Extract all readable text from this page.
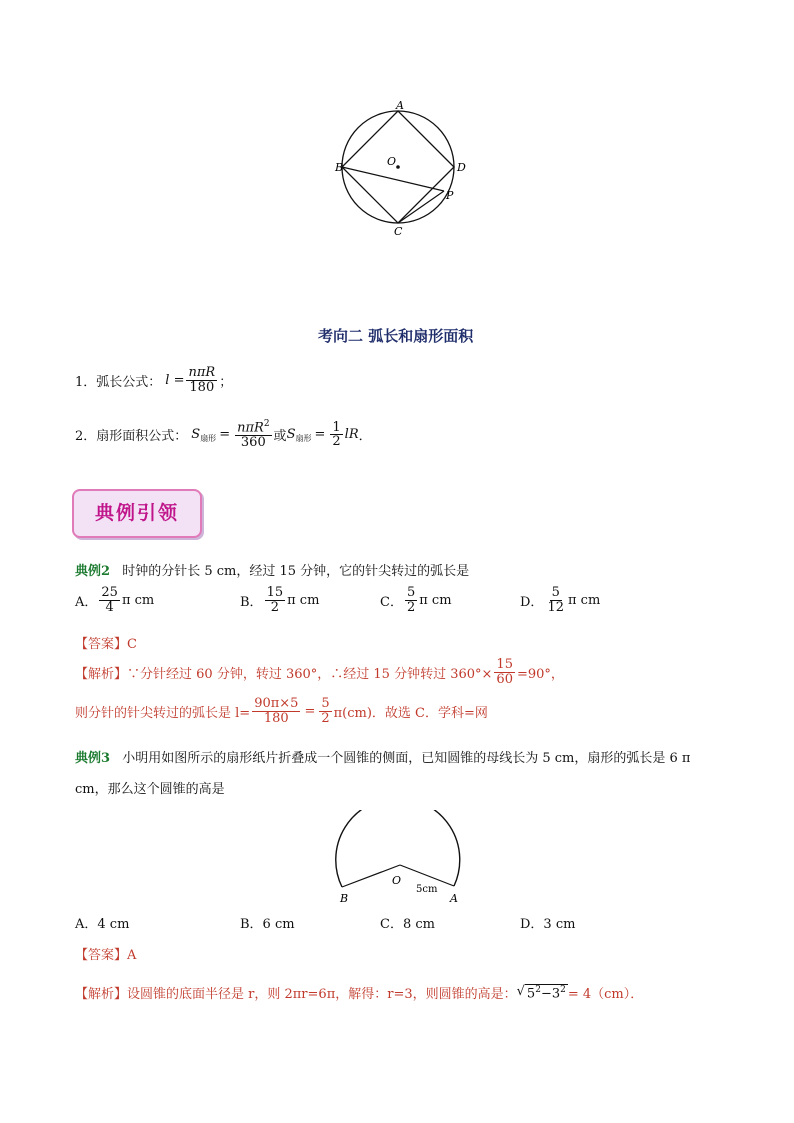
A
B
C
D
O
P
考向二 弧长和扇形面积
1．弧长公式： $l = \frac{\text{nπR}}{180}$ ；
2．扇形面积公式： S 扇形 = $\frac{n\pi R^2}{360}$ 或 S 扇形 = $\frac{1}{2}$ lR ．
典例引领
典例2 时钟的分针长 5 cm，经过 15 分钟，它的针尖转过的弧长是
A． $\frac{25}{4}$ π cm	B． $\frac{15}{2}$ π cm	C． $\frac{5}{2}$ π cm	D． $\frac{5}{12}$ π cm
【答案】C
【解析】 ∵分针经过 60 分钟，转过 360°，∴经过 15 分钟转过 $360^\circ\times \frac{15}{60} =90^\circ$，
则分针的针尖转过的弧长是 $l= \frac{90\pi\times 5}{180} = \frac{5}{2} \pi(cm)$．故选 C．学科=网
典例3 小明用如图所示的扇形纸片折叠成一个圆锥的侧面，已知圆锥的母线长为 5 cm，扇形的弧长是 6 π
cm，那么这个圆锥的高是
O
B	A
5cm
A．4 cm	B．6 cm	C．8 cm	D．3 cm
【答案】A
【解析】 设圆锥的底面半径是 r，则 2πr=6π，解得：r=3，则圆锥的高是： √ $5^2-3^2 = 4(cm)$．
